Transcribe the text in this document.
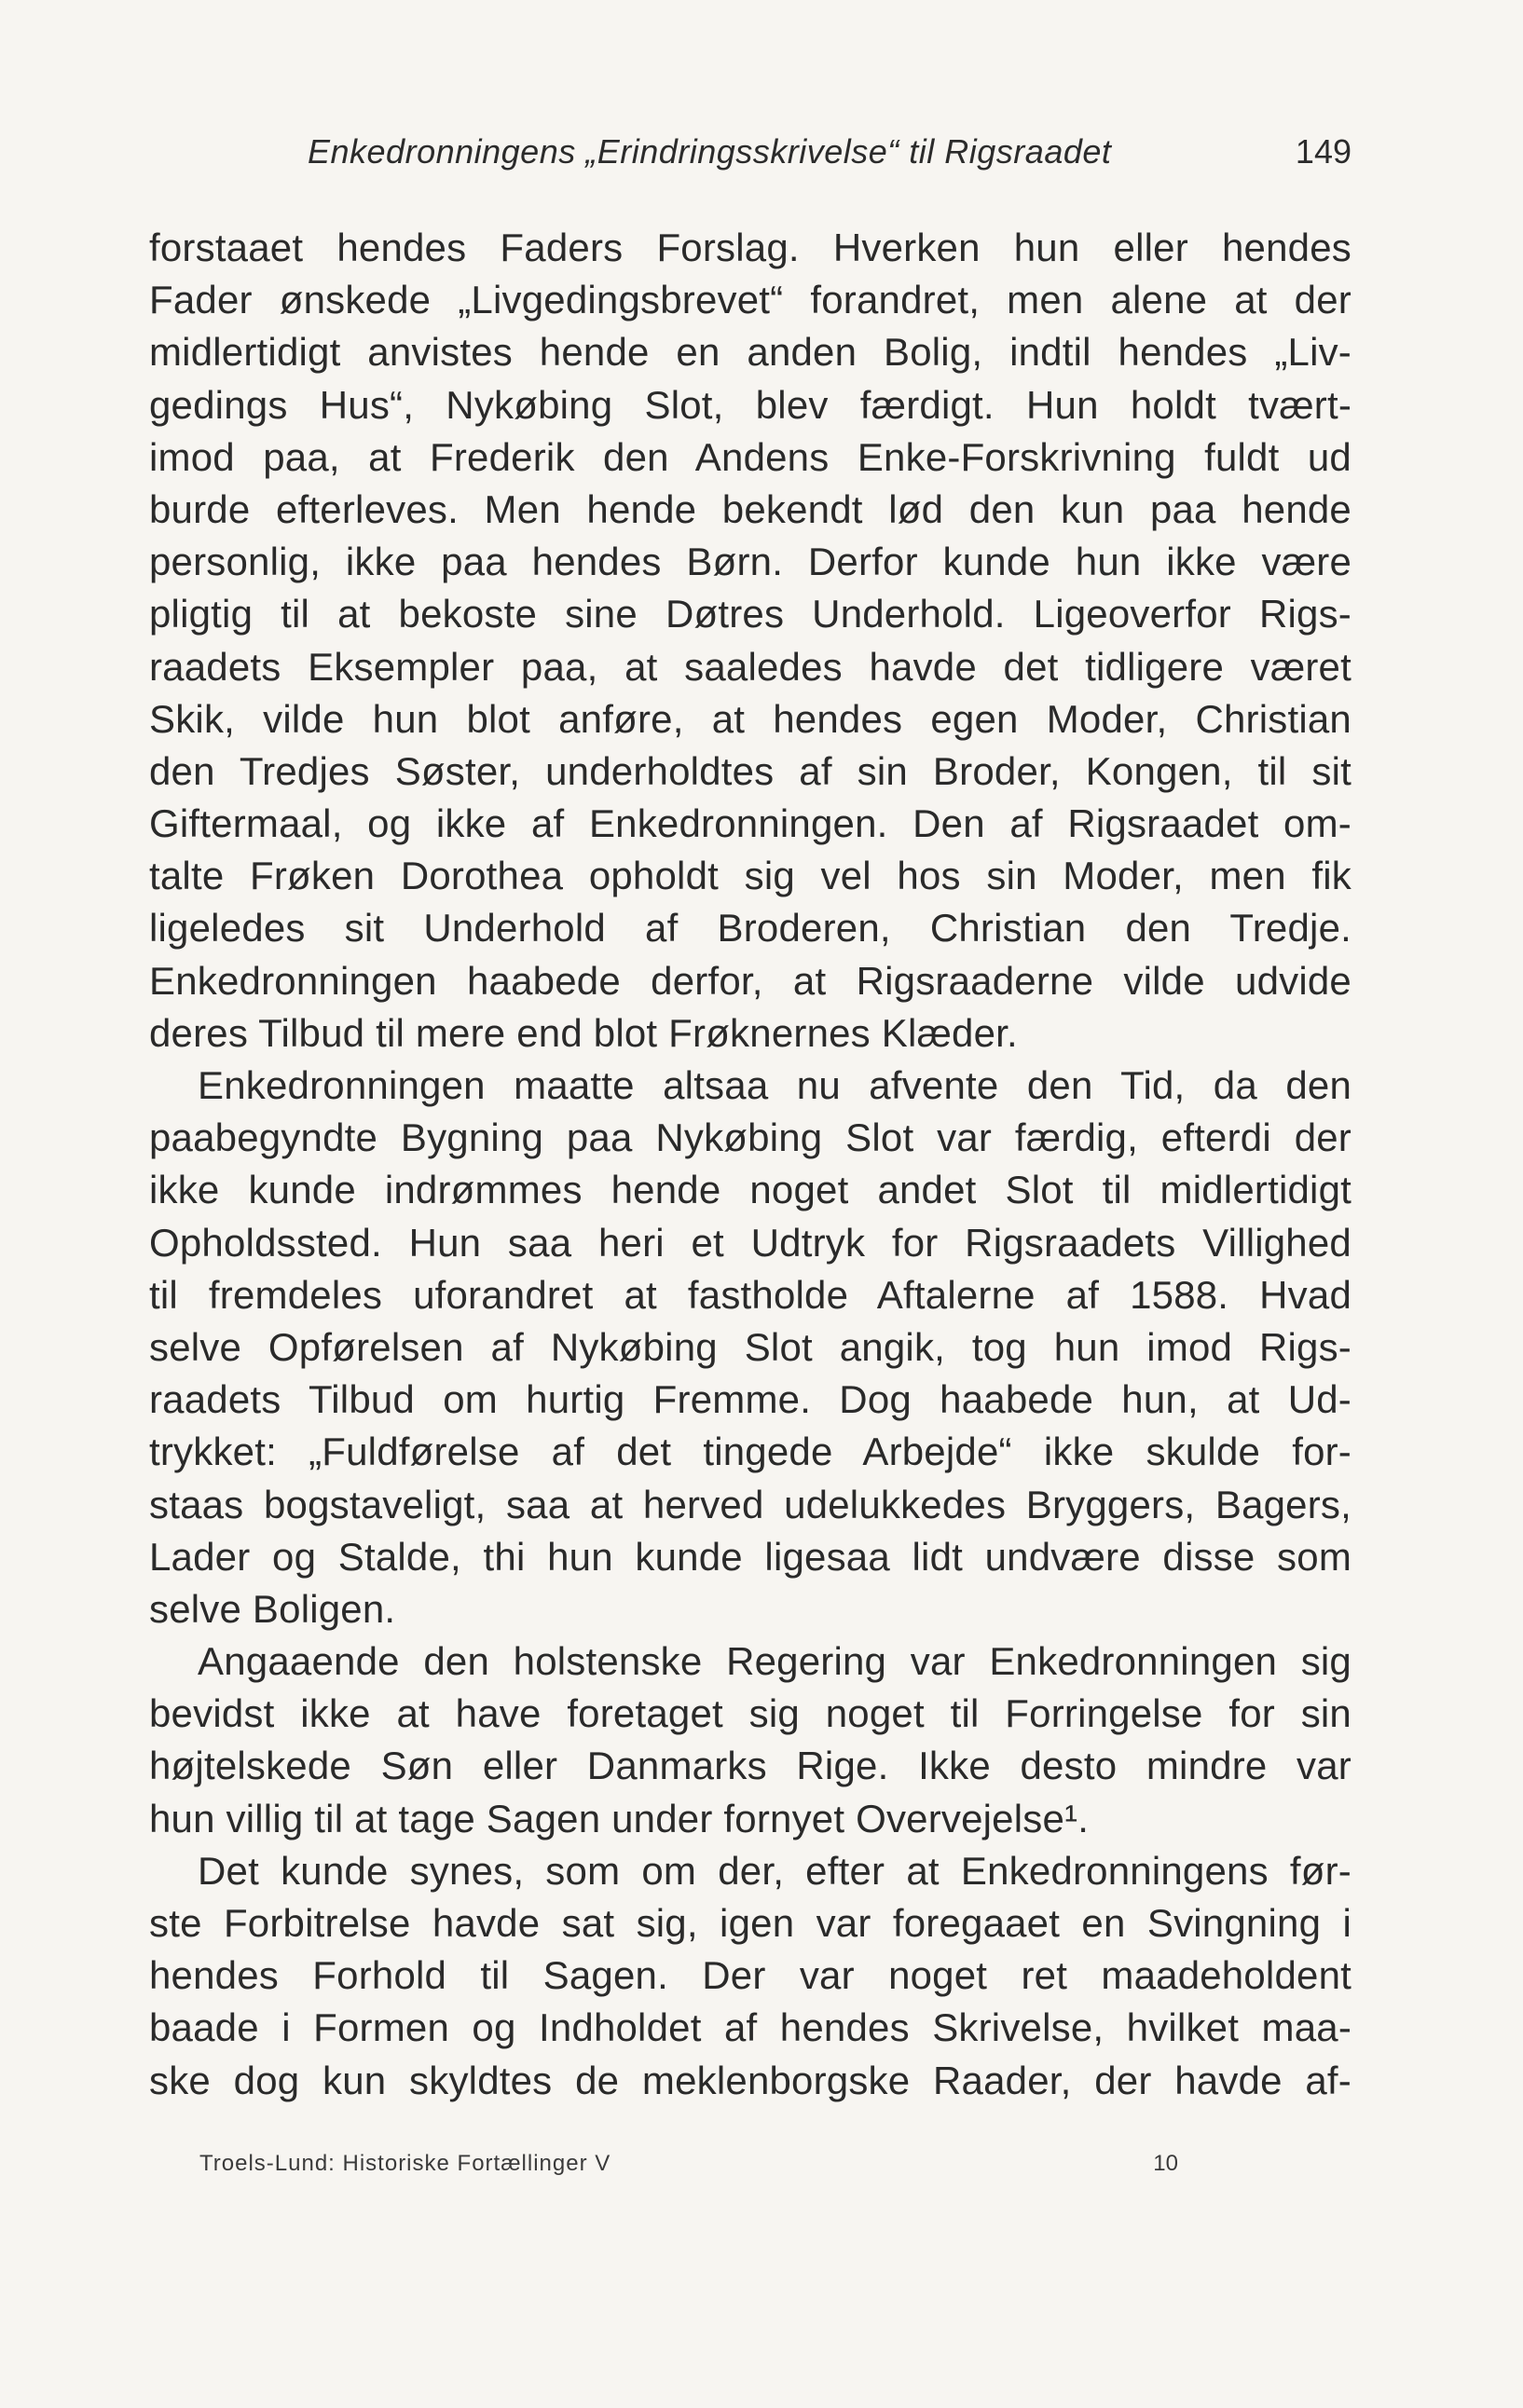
Enkedronningens „Erindringsskrivelse“ til Rigsraadet	149
forstaaet hendes Faders Forslag. Hverken hun eller hendes
Fader ønskede „Livgedingsbrevet“ forandret, men alene at der
midlertidigt anvistes hende en anden Bolig, indtil hendes „Liv-
gedings Hus“, Nykøbing Slot, blev færdigt. Hun holdt tvært-
imod paa, at Frederik den Andens Enke-Forskrivning fuldt ud
burde efterleves. Men hende bekendt lød den kun paa hende
personlig, ikke paa hendes Børn. Derfor kunde hun ikke være
pligtig til at bekoste sine Døtres Underhold. Ligeoverfor Rigs-
raadets Eksempler paa, at saaledes havde det tidligere været
Skik, vilde hun blot anføre, at hendes egen Moder, Christian
den Tredjes Søster, underholdtes af sin Broder, Kongen, til sit
Giftermaal, og ikke af Enkedronningen. Den af Rigsraadet om-
talte Frøken Dorothea opholdt sig vel hos sin Moder, men fik
ligeledes sit Underhold af Broderen, Christian den Tredje.
Enkedronningen haabede derfor, at Rigsraaderne vilde udvide
deres Tilbud til mere end blot Frøknernes Klæder.
Enkedronningen maatte altsaa nu afvente den Tid, da den
paabegyndte Bygning paa Nykøbing Slot var færdig, efterdi der
ikke kunde indrømmes hende noget andet Slot til midlertidigt
Opholdssted. Hun saa heri et Udtryk for Rigsraadets Villighed
til fremdeles uforandret at fastholde Aftalerne af 1588. Hvad
selve Opførelsen af Nykøbing Slot angik, tog hun imod Rigs-
raadets Tilbud om hurtig Fremme. Dog haabede hun, at Ud-
trykket: „Fuldførelse af det tingede Arbejde“ ikke skulde for-
staas bogstaveligt, saa at herved udelukkedes Bryggers, Bagers,
Lader og Stalde, thi hun kunde ligesaa lidt undvære disse som
selve Boligen.
Angaaende den holstenske Regering var Enkedronningen sig
bevidst ikke at have foretaget sig noget til Forringelse for sin
højtelskede Søn eller Danmarks Rige. Ikke desto mindre var
hun villig til at tage Sagen under fornyet Overvejelse¹.
Det kunde synes, som om der, efter at Enkedronningens før-
ste Forbitrelse havde sat sig, igen var foregaaet en Svingning i
hendes Forhold til Sagen. Der var noget ret maadeholdent
baade i Formen og Indholdet af hendes Skrivelse, hvilket maa-
ske dog kun skyldtes de meklenborgske Raader, der havde af-
Troels-Lund: Historiske Fortællinger V	10
